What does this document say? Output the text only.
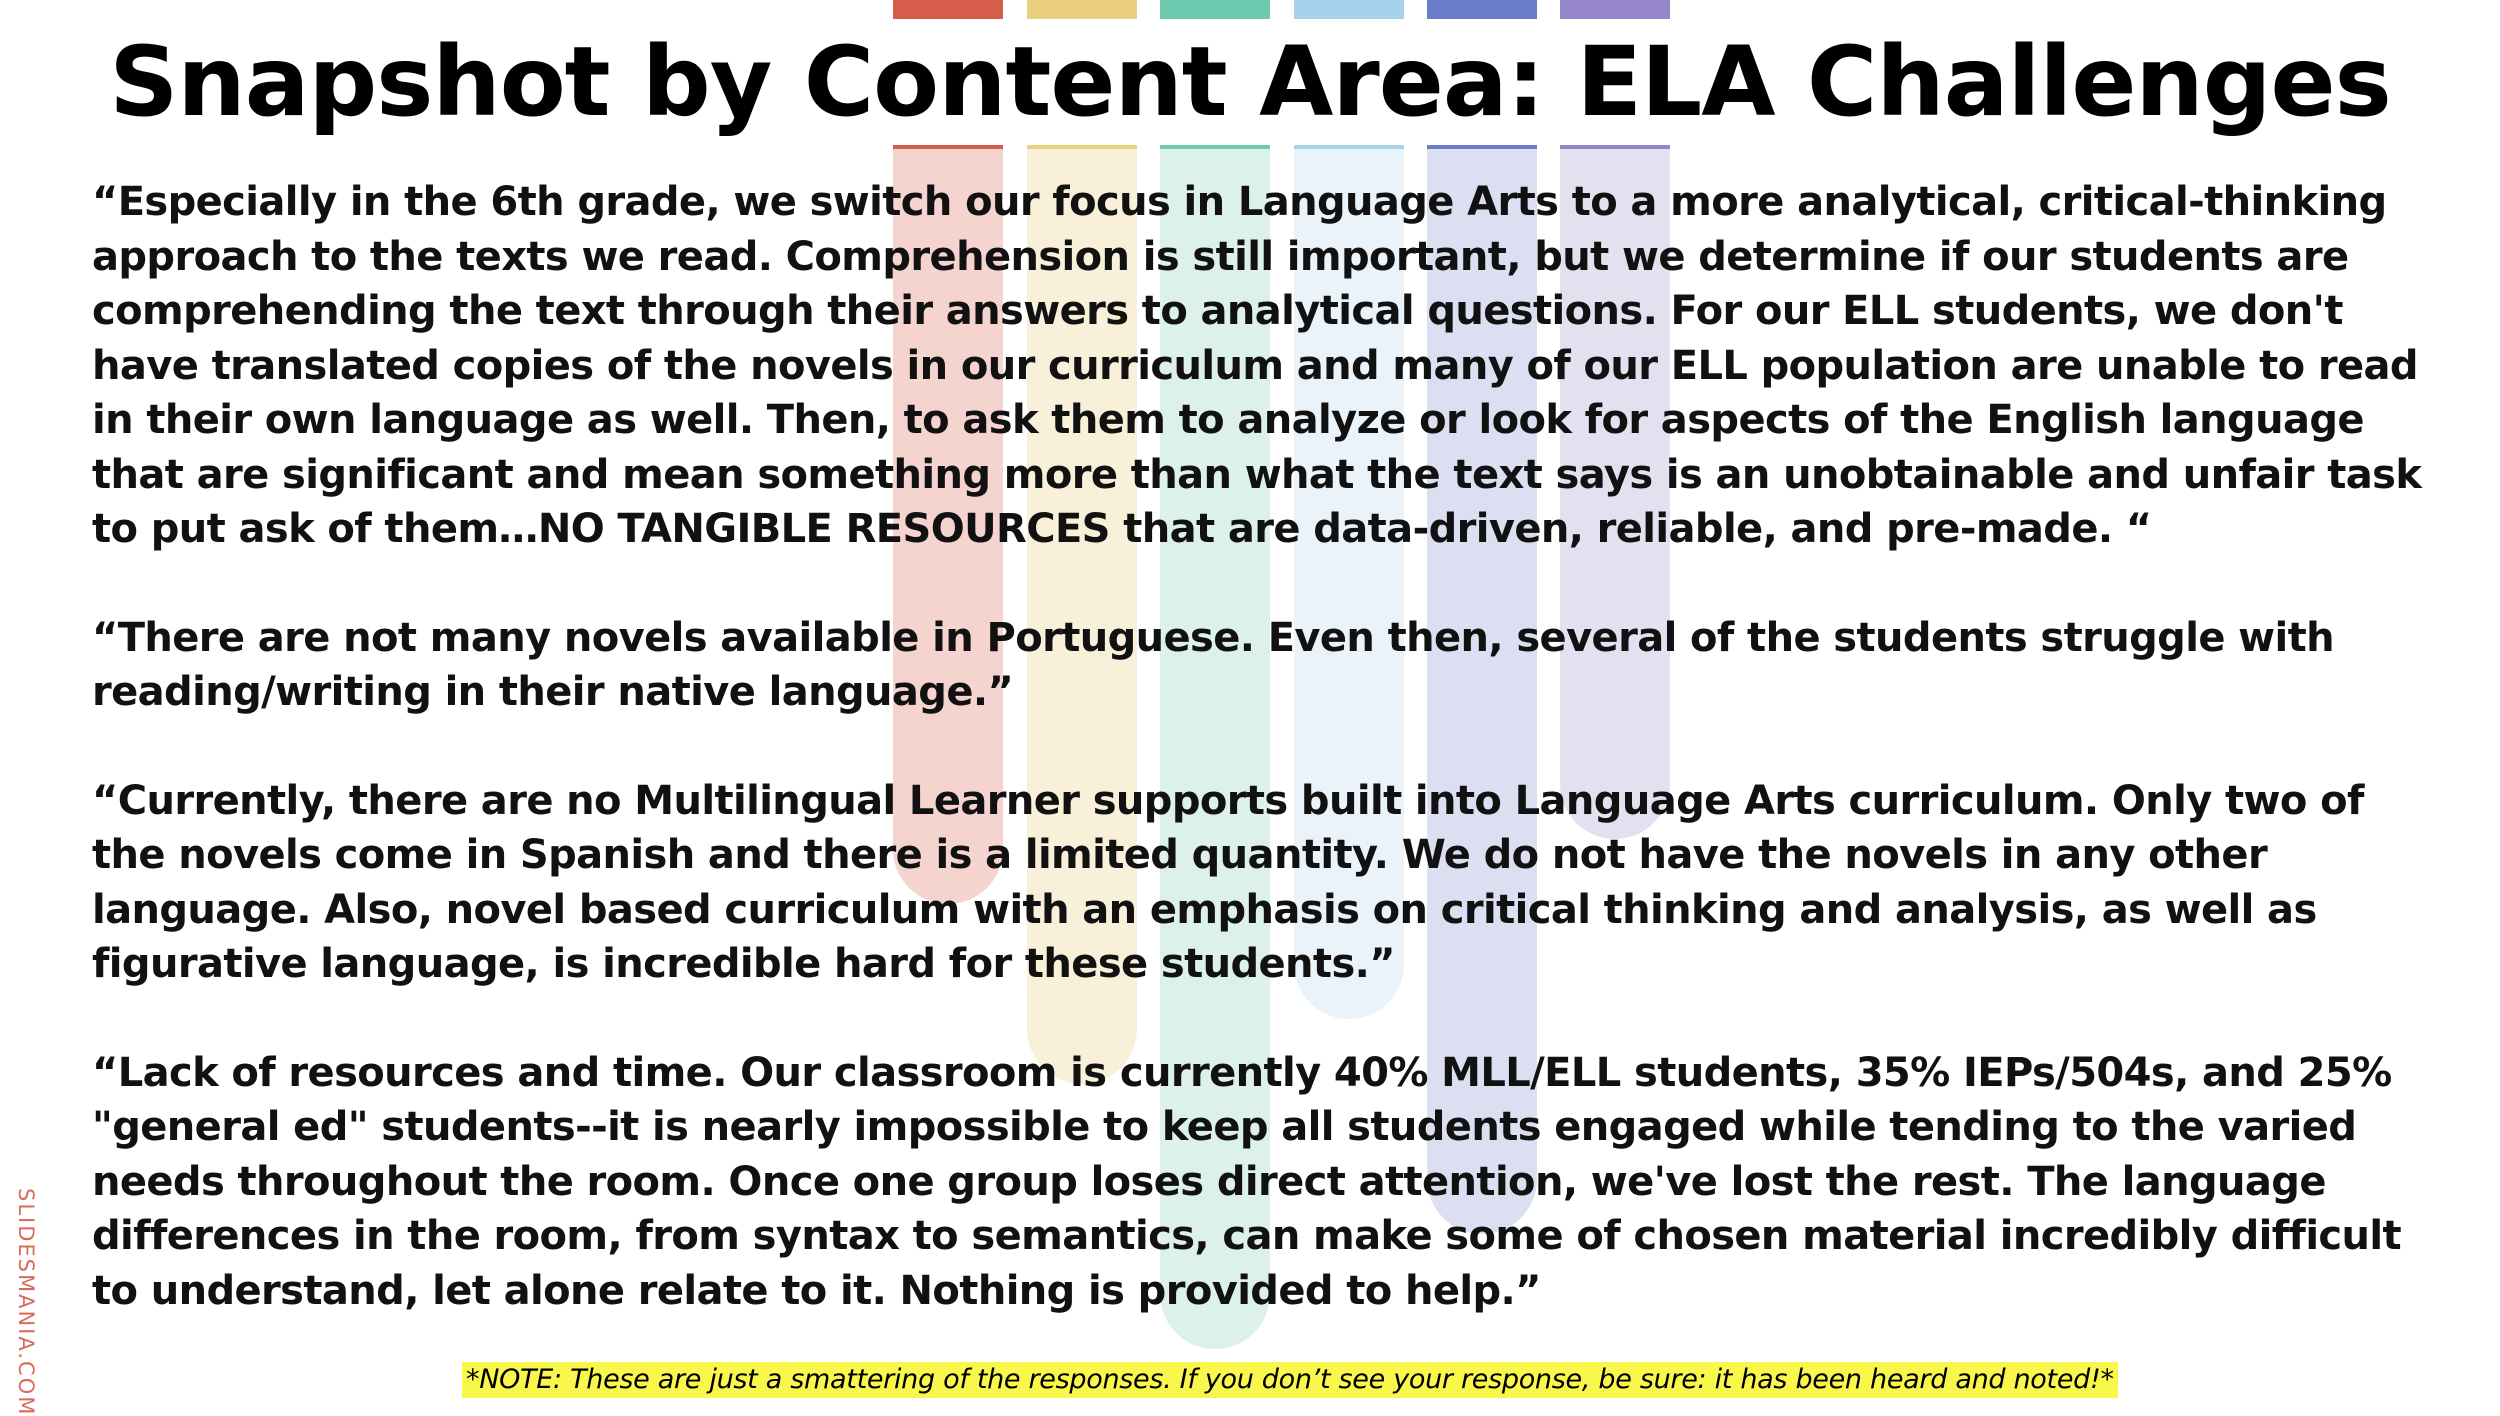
Snapshot by Content Area: ELA Challenges

“Especially in the 6th grade, we switch our focus in Language Arts to a more analytical, critical-thinking approach to the texts we read. Comprehension is still important, but we determine if our students are comprehending the text through their answers to analytical questions. For our ELL students, we don't have translated copies of the novels in our curriculum and many of our ELL population are unable to read in their own language as well. Then, to ask them to analyze or look for aspects of the English language that are significant and mean something more than what the text says is an unobtainable and unfair task to put ask of them…NO TANGIBLE RESOURCES that are data-driven, reliable, and pre-made. “

“There are not many novels available in Portuguese. Even then, several of the students struggle with reading/writing in their native language.”

“Currently, there are no Multilingual Learner supports built into Language Arts curriculum. Only two of the novels come in Spanish and there is a limited quantity. We do not have the novels in any other language. Also, novel based curriculum with an emphasis on critical thinking and analysis, as well as figurative language, is incredible hard for these students.”

“Lack of resources and time. Our classroom is currently 40% MLL/ELL students, 35% IEPs/504s, and 25% "general ed" students--it is nearly impossible to keep all students engaged while tending to the varied needs throughout the room. Once one group loses direct attention, we've lost the rest. The language differences in the room, from syntax to semantics, can make some of chosen material incredibly difficult to understand, let alone relate to it. Nothing is provided to help.”

*NOTE: These are just a smattering of the responses. If you don’t see your response, be sure: it has been heard and noted!*
SLIDESMANIA.COM
